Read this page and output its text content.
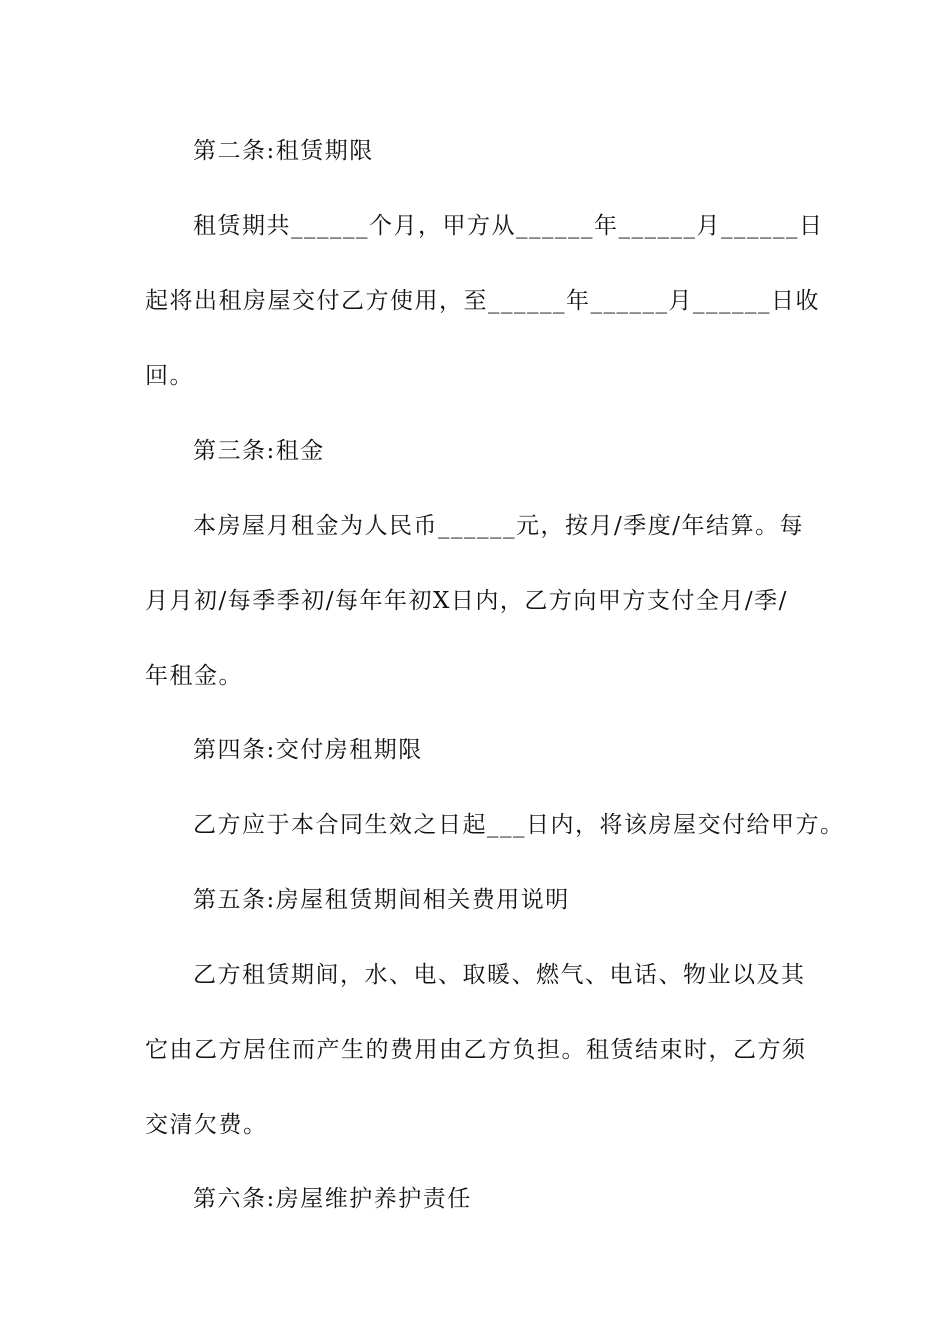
第二条:租赁期限
租赁期共______个月，甲方从______年______月______日
起将出租房屋交付乙方使用，至______年______月______日收
回。
第三条:租金
本房屋月租金为人民币______元，按月/季度/年结算。每
月月初/每季季初/每年年初X日内，乙方向甲方支付全月/季/
年租金。
第四条:交付房租期限
乙方应于本合同生效之日起___日内，将该房屋交付给甲方。
第五条:房屋租赁期间相关费用说明
乙方租赁期间，水、电、取暖、燃气、电话、物业以及其
它由乙方居住而产生的费用由乙方负担。租赁结束时，乙方须
交清欠费。
第六条:房屋维护养护责任
